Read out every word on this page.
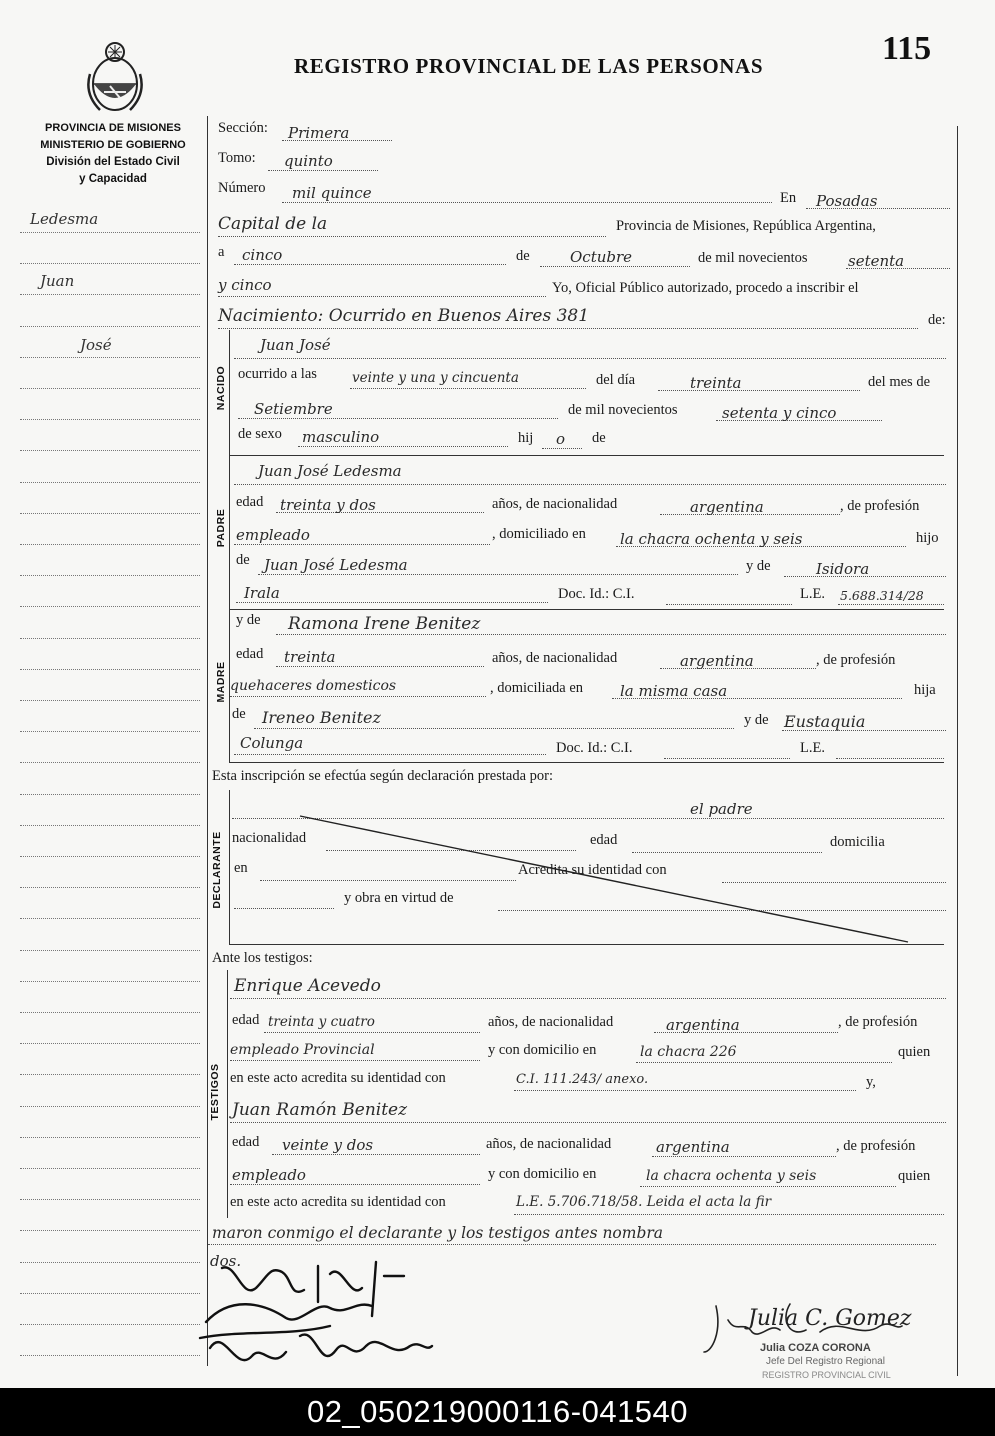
PROVINCIA DE MISIONES
MINISTERIO DE GOBIERNO
División del Estado Civil
y Capacidad
REGISTRO PROVINCIAL DE LAS PERSONAS	115
Ledesma
Juan
José
NACIDO
PADRE
MADRE
DECLARANTE
TESTIGOS
Sección: Primera
Tomo: quinto
Número mil quince	En Posadas
Capital de la	Provincia de Misiones, República Argentina,
a cinco	de	Octubre	de mil novecientos	setenta
y cinco	Yo, Oficial Público autorizado, procedo a inscribir el
Nacimiento: Ocurrido en Buenos Aires 381	de:
Juan José
ocurrido a las	veinte y una y cincuenta	del día	treinta	del mes de
Setiembre	de mil novecientos	setenta y cinco
de sexo masculino	hij o de
Juan José Ledesma
edad treinta y dos	años, de nacionalidad	argentina	, de profesión
empleado	, domiciliado en la chacra ochenta y seis	hijo
de Juan José Ledesma	y de	Isidora
Irala	Doc. Id.: C.I.	L.E. 5.688.314/28
y de Ramona Irene Benitez
edad treinta	años, de nacionalidad	argentina	, de profesión
quehaceres domesticos	, domiciliada en la misma casa	hija
de Ireneo Benitez	y de Eustaquia
Colunga	Doc. Id.: C.I.	L.E.
Esta inscripción se efectúa según declaración prestada por:
el padre
nacionalidad	edad	domicilia
en	Acredita su identidad con
y obra en virtud de
Ante los testigos:
Enrique Acevedo
edad treinta y cuatro	años, de nacionalidad	argentina	, de profesión
empleado Provincial	y con domicilio en	la chacra 226	quien
en este acto acredita su identidad con	C.I. 111.243/ anexo.	y,
Juan Ramón Benitez
edad veinte y dos	años, de nacionalidad	argentina	, de profesión
empleado	y con domicilio en	la chacra ochenta y seis	quien
en este acto acredita su identidad con	L.E. 5.706.718/58. Leida el acta la fir
maron conmigo el declarante y los testigos antes nombra
dos.
Julia C. Gomez
Julia COZA CORONA
Jefe Del Registro Regional
REGISTRO PROVINCIAL CIVIL
02_050219000116-041540
